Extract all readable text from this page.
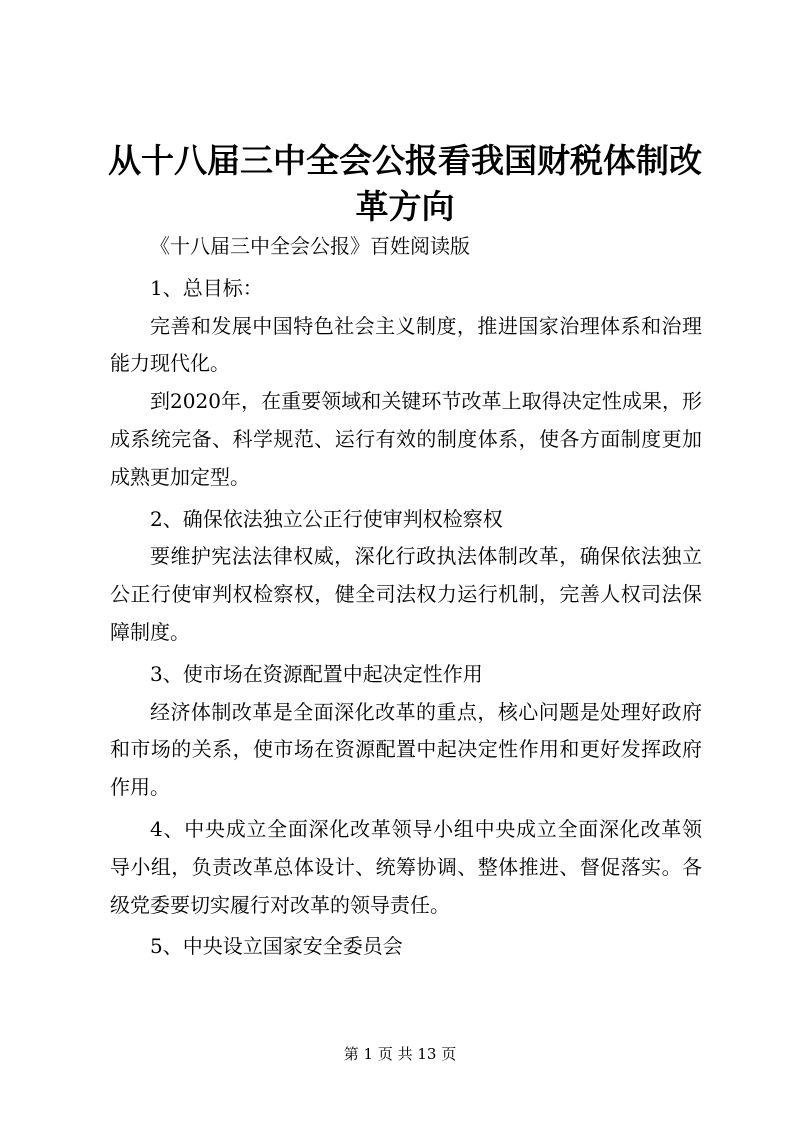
从十八届三中全会公报看我国财税体制改革方向

《十八届三中全会公报》百姓阅读版

1、总目标：

完善和发展中国特色社会主义制度，推进国家治理体系和治理能力现代化。

到2020年，在重要领域和关键环节改革上取得决定性成果，形成系统完备、科学规范、运行有效的制度体系，使各方面制度更加成熟更加定型。

2、确保依法独立公正行使审判权检察权

要维护宪法法律权威，深化行政执法体制改革，确保依法独立公正行使审判权检察权，健全司法权力运行机制，完善人权司法保障制度。

3、使市场在资源配置中起决定性作用

经济体制改革是全面深化改革的重点，核心问题是处理好政府和市场的关系，使市场在资源配置中起决定性作用和更好发挥政府作用。

4、中央成立全面深化改革领导小组中央成立全面深化改革领导小组，负责改革总体设计、统筹协调、整体推进、督促落实。各级党委要切实履行对改革的领导责任。

5、中央设立国家安全委员会

第 1 页 共 13 页
